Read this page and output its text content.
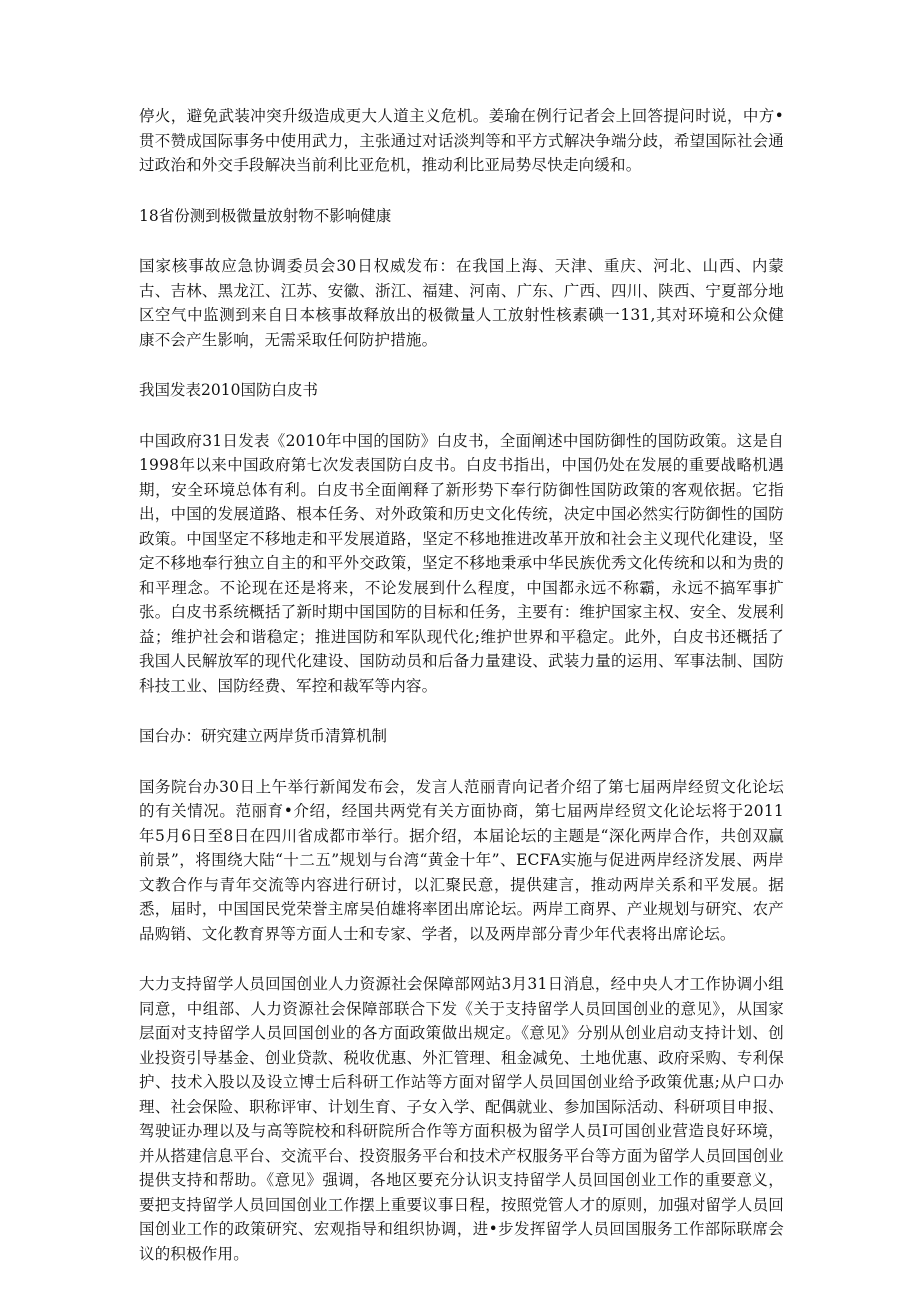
停火，避免武装冲突升级造成更大人道主义危机。姜瑜在例行记者会上回答提问时说，中方•贯不赞成国际事务中使用武力，主张通过对话淡判等和平方式解决争端分歧，希望国际社会通过政治和外交手段解决当前利比亚危机，推动利比亚局势尽快走向缓和。

18省份测到极微量放射物不影响健康

国家核事故应急协调委员会30日权威发布：在我国上海、天津、重庆、河北、山西、内蒙古、吉林、黑龙江、江苏、安徽、浙江、福建、河南、广东、广西、四川、陕西、宁夏部分地区空气中监测到来自日本核事故释放出的极微量人工放射性核素碘一131,其对环境和公众健康不会产生影响，无需采取任何防护措施。

我国发表2010国防白皮书

中国政府31日发表《2010年中国的国防》白皮书，全面阐述中国防御性的国防政策。这是自1998年以来中国政府第七次发表国防白皮书。白皮书指出，中国仍处在发展的重要战略机遇期，安全环境总体有利。白皮书全面阐释了新形势下奉行防御性国防政策的客观依据。它指出，中国的发展道路、根本任务、对外政策和历史文化传统，决定中国必然实行防御性的国防政策。中国坚定不移地走和平发展道路，坚定不移地推进改革开放和社会主义现代化建设，坚定不移地奉行独立自主的和平外交政策，坚定不移地秉承中华民族优秀文化传统和以和为贵的和平理念。不论现在还是将来，不论发展到什么程度，中国都永远不称霸，永远不搞军事扩张。白皮书系统概括了新时期中国国防的目标和任务，主要有：维护国家主权、安全、发展利益；维护社会和谐稳定；推进国防和军队现代化;维护世界和平稳定。此外，白皮书还概括了我国人民解放军的现代化建设、国防动员和后备力量建设、武装力量的运用、军事法制、国防科技工业、国防经费、军控和裁军等内容。

国台办：研究建立两岸货币清算机制

国务院台办30日上午举行新闻发布会，发言人范丽青向记者介绍了第七届两岸经贸文化论坛的有关情况。范丽育•介绍，经国共两党有关方面协商，第七届两岸经贸文化论坛将于2011年5月6日至8日在四川省成都市举行。据介绍，本届论坛的主题是“深化两岸合作，共创双赢前景”，将围绕大陆“十二五”规划与台湾“黄金十年”、ECFA实施与促进两岸经济发展、两岸文教合作与青年交流等内容进行研讨，以汇聚民意，提供建言，推动两岸关系和平发展。据悉，届时，中国国民党荣誉主席吴伯雄将率团出席论坛。两岸工商界、产业规划与研究、农产品购销、文化教育界等方面人士和专家、学者，以及两岸部分青少年代表将出席论坛。

大力支持留学人员回国创业人力资源社会保障部网站3月31日消息，经中央人才工作协调小组同意，中组部、人力资源社会保障部联合下发《关于支持留学人员回国创业的意见》，从国家层面对支持留学人员回国创业的各方面政策做出规定。《意见》分别从创业启动支持计划、创业投资引导基金、创业贷款、税收优惠、外汇管理、租金减免、土地优惠、政府采购、专利保护、技术入股以及设立博士后科研工作站等方面对留学人员回国创业给予政策优惠;从户口办理、社会保险、职称评审、计划生育、子女入学、配偶就业、参加国际活动、科研项目申报、驾驶证办理以及与高等院校和科研院所合作等方面积极为留学人员I可国创业营造良好环境，并从搭建信息平台、交流平台、投资服务平台和技术产权服务平台等方面为留学人员回国创业提供支持和帮助。《意见》强调，各地区要充分认识支持留学人员回国创业工作的重要意义，要把支持留学人员回国创业工作摆上重要议事日程，按照党管人才的原则，加强对留学人员回国创业工作的政策研究、宏观指导和组织协调，进•步发挥留学人员回国服务工作部际联席会议的积极作用。
